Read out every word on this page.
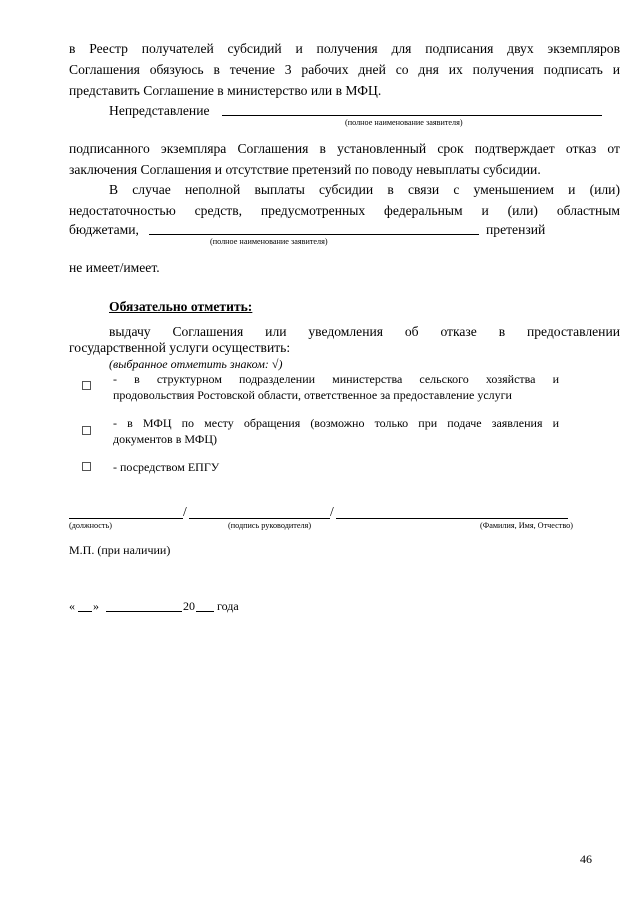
в Реестр получателей субсидий и получения для подписания двух экземпляров
Соглашения обязуюсь в течение 3 рабочих дней со дня их получения подписать и
представить Соглашение в министерство или в МФЦ.

Непредставление
(полное наименование заявителя)

подписанного экземпляра Соглашения в установленный срок подтверждает отказ от
заключения Соглашения и отсутствие претензий по поводу невыплаты субсидии.

В случае неполной выплаты субсидии в связи с уменьшением и (или)

недостаточностью средств, предусмотренных федеральным и (или) областным

бюджетами,	претензий
(полное наименование заявителя)
не имеет/имеет.
Обязательно отметить:

выдачу Соглашения или уведомления об отказе в предоставлении

государственной услуги осуществить:
(выбранное отметить знаком: √)

- в структурном подразделении министерства сельского хозяйства и
продовольствия Ростовской области, ответственное за предоставление услуги

- в МФЦ по месту обращения (возможно только при подаче заявления и
документов в МФЦ)

- посредством ЕПГУ
/	/
(должность)	(подпись руководителя)	(Фамилия, Имя, Отчество)
М.П. (при наличии)
« »	20 года
46
